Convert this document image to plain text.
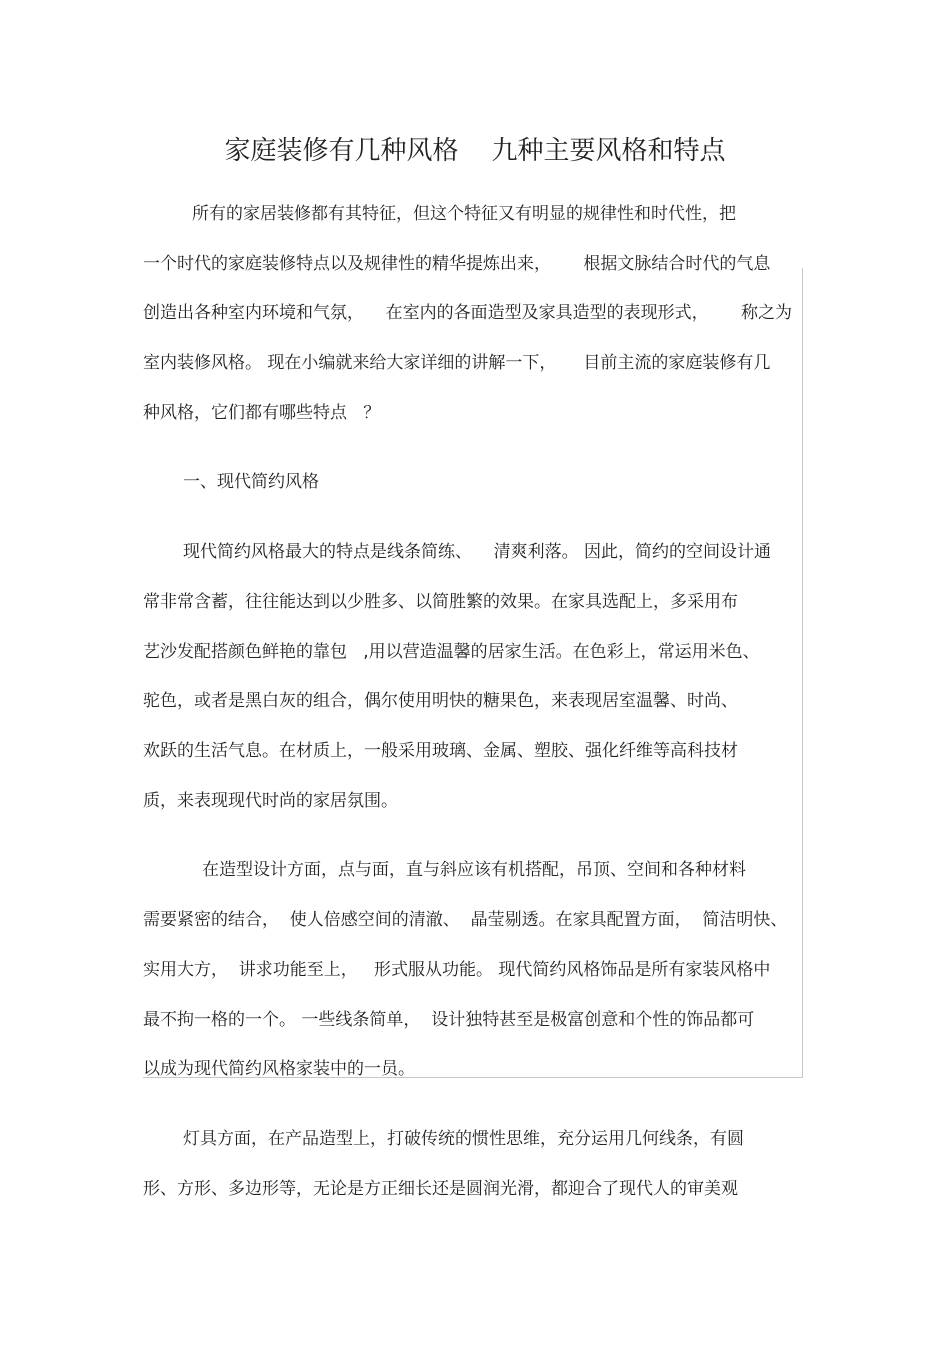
家庭装修有几种风格    九种主要风格和特点
所有的家居装修都有其特征，但这个特征又有明显的规律性和时代性，把
一个时代的家庭装修特点以及规律性的精华提炼出来，      根据文脉结合时代的气息
创造出各种室内环境和气氛，    在室内的各面造型及家具造型的表现形式，      称之为
室内装修风格。 现在小编就来给大家详细的讲解一下，     目前主流的家庭装修有几
种风格，它们都有哪些特点   ？
一、现代简约风格
现代简约风格最大的特点是线条简练、    清爽利落。 因此，简约的空间设计通
常非常含蓄，往往能达到以少胜多、以简胜繁的效果。在家具选配上，多采用布
艺沙发配搭颜色鲜艳的靠包   ,用以营造温馨的居家生活。在色彩上，常运用米色、
驼色，或者是黑白灰的组合，偶尔使用明快的糖果色，来表现居室温馨、时尚、
欢跃的生活气息。在材质上，一般采用玻璃、金属、塑胶、强化纤维等高科技材
质，来表现现代时尚的家居氛围。
在造型设计方面，点与面，直与斜应该有机搭配，吊顶、空间和各种材料
需要紧密的结合，  使人倍感空间的清澈、  晶莹剔透。在家具配置方面，  简洁明快、
实用大方，  讲求功能至上，   形式服从功能。 现代简约风格饰品是所有家装风格中
最不拘一格的一个。 一些线条简单，  设计独特甚至是极富创意和个性的饰品都可
以成为现代简约风格家装中的一员。
灯具方面，在产品造型上，打破传统的惯性思维，充分运用几何线条，有圆
形、方形、多边形等，无论是方正细长还是圆润光滑，都迎合了现代人的审美观
